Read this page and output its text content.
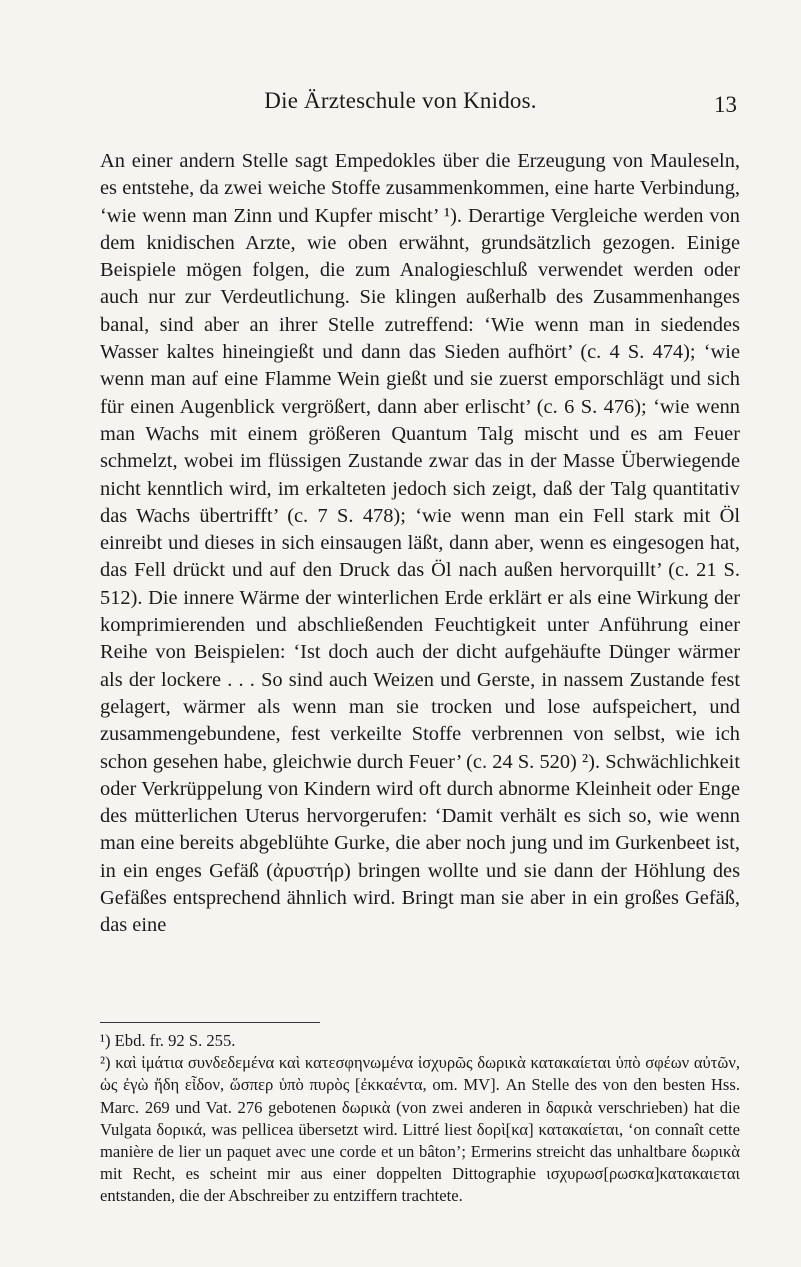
Die Ärzteschule von Knidos.	13

An einer andern Stelle sagt Empedokles über die Erzeugung von Mauleseln, es entstehe, da zwei weiche Stoffe zusammenkommen, eine harte Verbindung, ‘wie wenn man Zinn und Kupfer mischt’ ¹). Derartige Vergleiche werden von dem knidischen Arzte, wie oben erwähnt, grundsätzlich gezogen. Einige Beispiele mögen folgen, die zum Analogieschluß verwendet werden oder auch nur zur Verdeutlichung. Sie klingen außerhalb des Zusammenhanges banal, sind aber an ihrer Stelle zutreffend: ‘Wie wenn man in siedendes Wasser kaltes hineingießt und dann das Sieden aufhört’ (c. 4 S. 474); ‘wie wenn man auf eine Flamme Wein gießt und sie zuerst emporschlägt und sich für einen Augenblick vergrößert, dann aber erlischt’ (c. 6 S. 476); ‘wie wenn man Wachs mit einem größeren Quantum Talg mischt und es am Feuer schmelzt, wobei im flüssigen Zustande zwar das in der Masse Überwiegende nicht kenntlich wird, im erkalteten jedoch sich zeigt, daß der Talg quantitativ das Wachs übertrifft’ (c. 7 S. 478); ‘wie wenn man ein Fell stark mit Öl einreibt und dieses in sich einsaugen läßt, dann aber, wenn es eingesogen hat, das Fell drückt und auf den Druck das Öl nach außen hervorquillt’ (c. 21 S. 512). Die innere Wärme der winterlichen Erde erklärt er als eine Wirkung der komprimierenden und abschließenden Feuchtigkeit unter Anführung einer Reihe von Beispielen: ‘Ist doch auch der dicht aufgehäufte Dünger wärmer als der lockere . . . So sind auch Weizen und Gerste, in nassem Zustande fest gelagert, wärmer als wenn man sie trocken und lose aufspeichert, und zusammengebundene, fest verkeilte Stoffe verbrennen von selbst, wie ich schon gesehen habe, gleichwie durch Feuer’ (c. 24 S. 520) ²). Schwächlichkeit oder Verkrüppelung von Kindern wird oft durch abnorme Kleinheit oder Enge des mütterlichen Uterus hervorgerufen: ‘Damit verhält es sich so, wie wenn man eine bereits abgeblühte Gurke, die aber noch jung und im Gurkenbeet ist, in ein enges Gefäß (ἀρυστήρ) bringen wollte und sie dann der Höhlung des Gefäßes entsprechend ähnlich wird. Bringt man sie aber in ein großes Gefäß, das eine

¹) Ebd. fr. 92 S. 255.

²) καὶ ἱμάτια συνδεδεμένα καὶ κατεσφηνωμένα ἰσχυρῶς δωρικὰ κατακαίεται ὑπὸ σφέων αὐτῶν, ὡς ἐγὼ ἤδη εἶδον, ὥσπερ ὑπὸ πυρὸς [ἐκκαέντα, om. MV]. An Stelle des von den besten Hss. Marc. 269 und Vat. 276 gebotenen δωρικὰ (von zwei anderen in δαρικὰ verschrieben) hat die Vulgata δορικά, was pellicea übersetzt wird. Littré liest δορὶ[κα] κατακαίεται, ‘on connaît cette manière de lier un paquet avec une corde et un bâton’; Ermerins streicht das unhaltbare δωρικὰ mit Recht, es scheint mir aus einer doppelten Dittographie ισχυρωσ[ρωσκα]κατακαιεται entstanden, die der Abschreiber zu entziffern trachtete.
